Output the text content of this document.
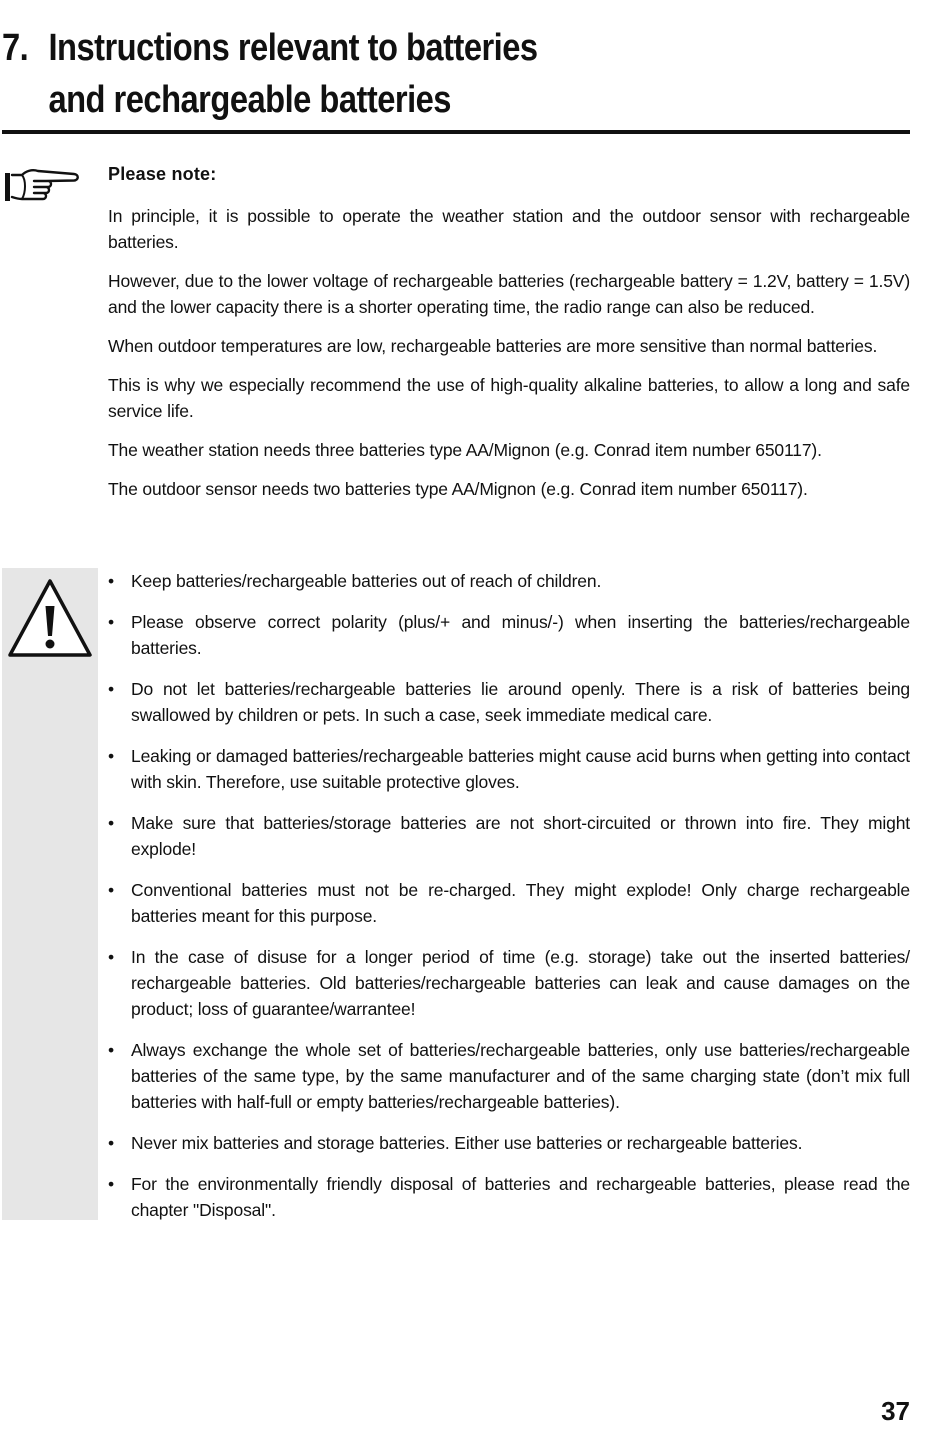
7. Instructions relevant to batteries
and rechargeable batteries
Please note:

In principle, it is possible to operate the weather station and the outdoor sensor with rechargeable batteries.

However, due to the lower voltage of rechargeable batteries (rechargeable battery = 1.2V, battery = 1.5V) and the lower capacity there is a shorter operating time, the radio range can also be reduced.

When outdoor temperatures are low, rechargeable batteries are more sensitive than normal batteries.

This is why we especially recommend the use of high-quality alkaline batteries, to allow a long and safe service life.

The weather station needs three batteries type AA/Mignon (e.g. Conrad item number 650117).

The outdoor sensor needs two batteries type AA/Mignon (e.g. Conrad item number 650117).

• Keep batteries/rechargeable batteries out of reach of children.
• Please observe correct polarity (plus/+ and minus/-) when inserting the batteries/rechargeable batteries.
• Do not let batteries/rechargeable batteries lie around openly. There is a risk of batteries being swallowed by children or pets. In such a case, seek immediate medical care.
• Leaking or damaged batteries/rechargeable batteries might cause acid burns when getting into contact with skin. Therefore, use suitable protective gloves.
• Make sure that batteries/storage batteries are not short-circuited or thrown into fire. They might explode!
• Conventional batteries must not be re-charged. They might explode! Only charge rechargeable batteries meant for this purpose.
• In the case of disuse for a longer period of time (e.g. storage) take out the inserted batteries/ rechargeable batteries. Old batteries/rechargeable batteries can leak and cause damages on the product; loss of guarantee/warrantee!
• Always exchange the whole set of batteries/rechargeable batteries, only use batteries/rechargeable batteries of the same type, by the same manufacturer and of the same charging state (don’t mix full batteries with half-full or empty batteries/rechargeable batteries).
• Never mix batteries and storage batteries. Either use batteries or rechargeable batteries.
• For the environmentally friendly disposal of batteries and rechargeable batteries, please read the chapter "Disposal".
37
